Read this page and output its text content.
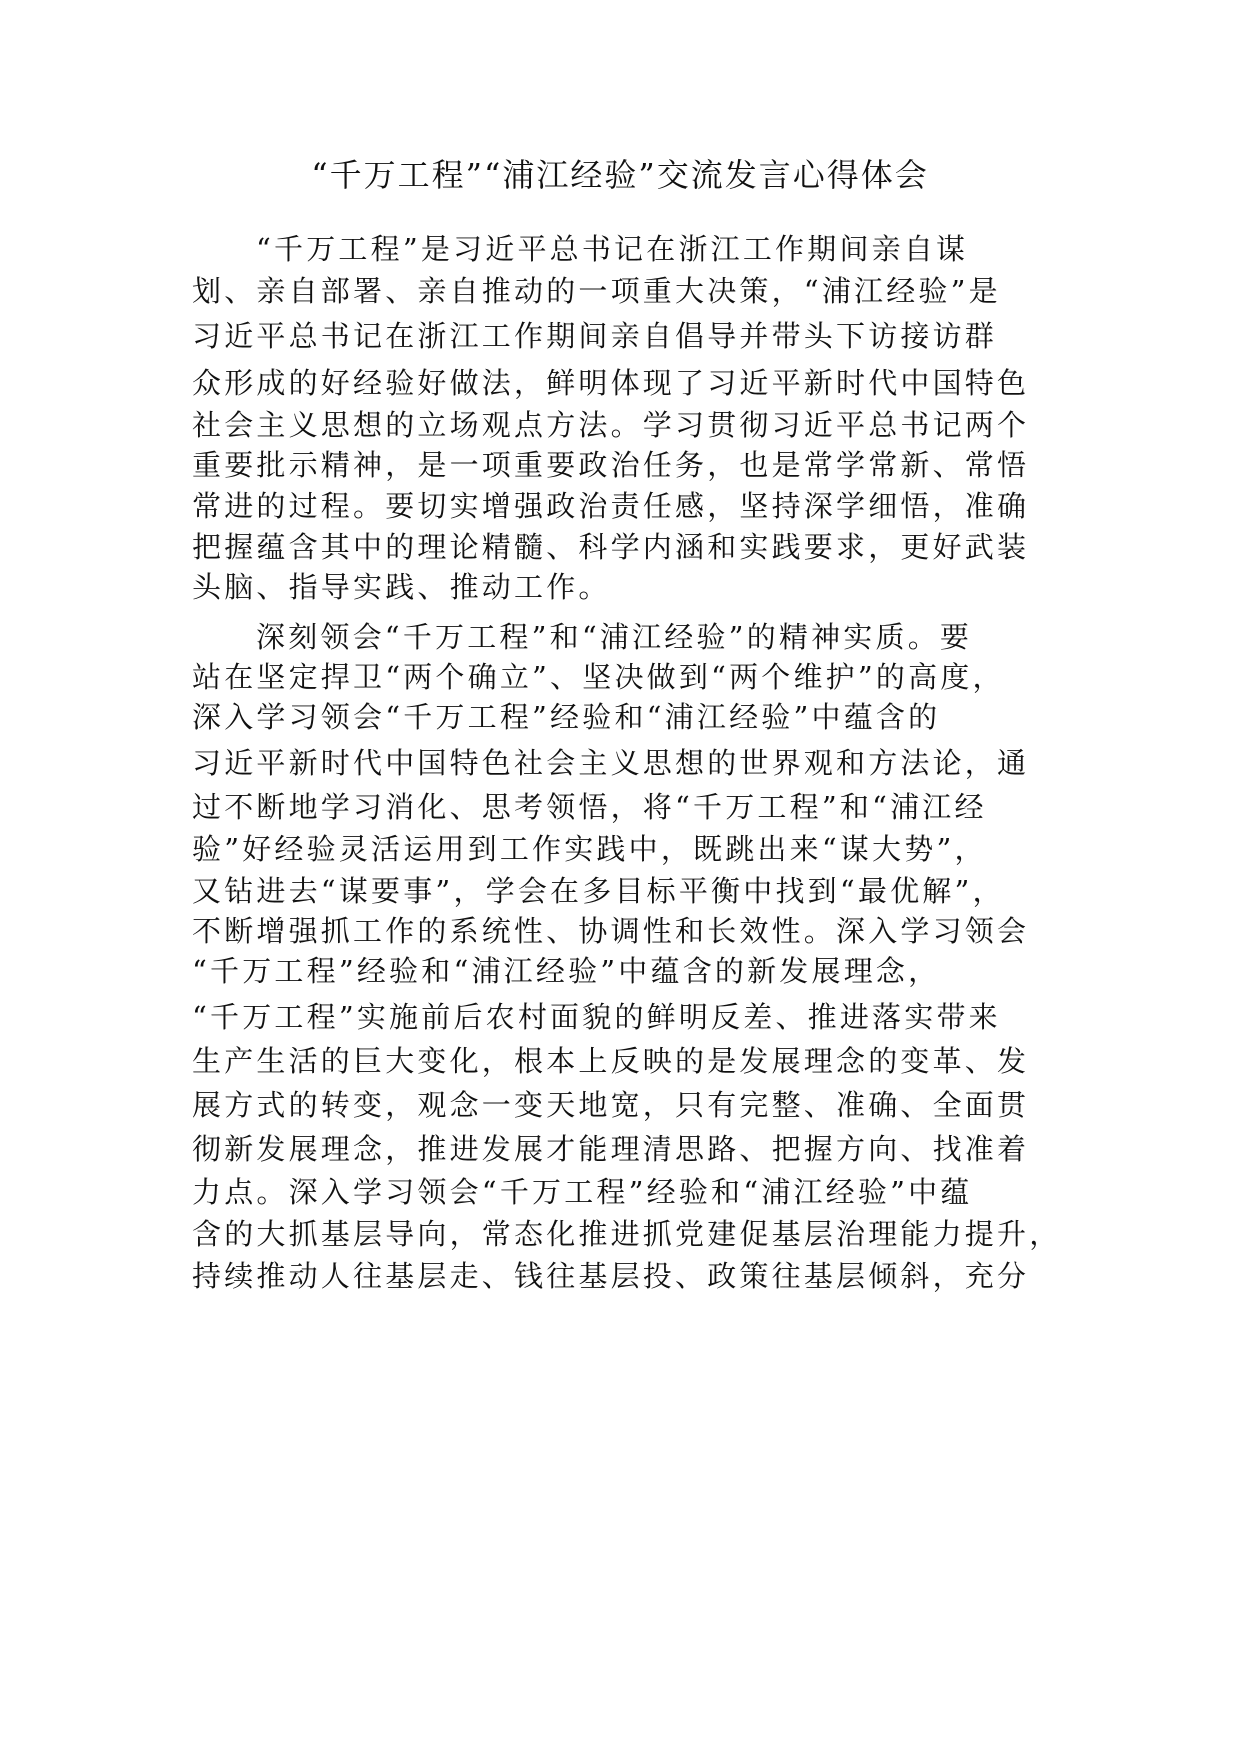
“千万工程”“浦江经验”交流发言心得体会
“千万工程”是习近平总书记在浙江工作期间亲自谋
划、亲自部署、亲自推动的一项重大决策，“浦江经验”是
习近平总书记在浙江工作期间亲自倡导并带头下访接访群
众形成的好经验好做法，鲜明体现了习近平新时代中国特色
社会主义思想的立场观点方法。学习贯彻习近平总书记两个
重要批示精神，是一项重要政治任务，也是常学常新、常悟
常进的过程。要切实增强政治责任感，坚持深学细悟，准确
把握蕴含其中的理论精髓、科学内涵和实践要求，更好武装
头脑、指导实践、推动工作。
深刻领会“千万工程”和“浦江经验”的精神实质。要
站在坚定捍卫“两个确立”、坚决做到“两个维护”的高度，
深入学习领会“千万工程”经验和“浦江经验”中蕴含的
习近平新时代中国特色社会主义思想的世界观和方法论，通
过不断地学习消化、思考领悟，将“千万工程”和“浦江经
验”好经验灵活运用到工作实践中，既跳出来“谋大势”，
又钻进去“谋要事”，学会在多目标平衡中找到“最优解”，
不断增强抓工作的系统性、协调性和长效性。深入学习领会
“千万工程”经验和“浦江经验”中蕴含的新发展理念，
“千万工程”实施前后农村面貌的鲜明反差、推进落实带来
生产生活的巨大变化，根本上反映的是发展理念的变革、发
展方式的转变，观念一变天地宽，只有完整、准确、全面贯
彻新发展理念，推进发展才能理清思路、把握方向、找准着
力点。深入学习领会“千万工程”经验和“浦江经验”中蕴
含的大抓基层导向，常态化推进抓党建促基层治理能力提升，
持续推动人往基层走、钱往基层投、政策往基层倾斜，充分
